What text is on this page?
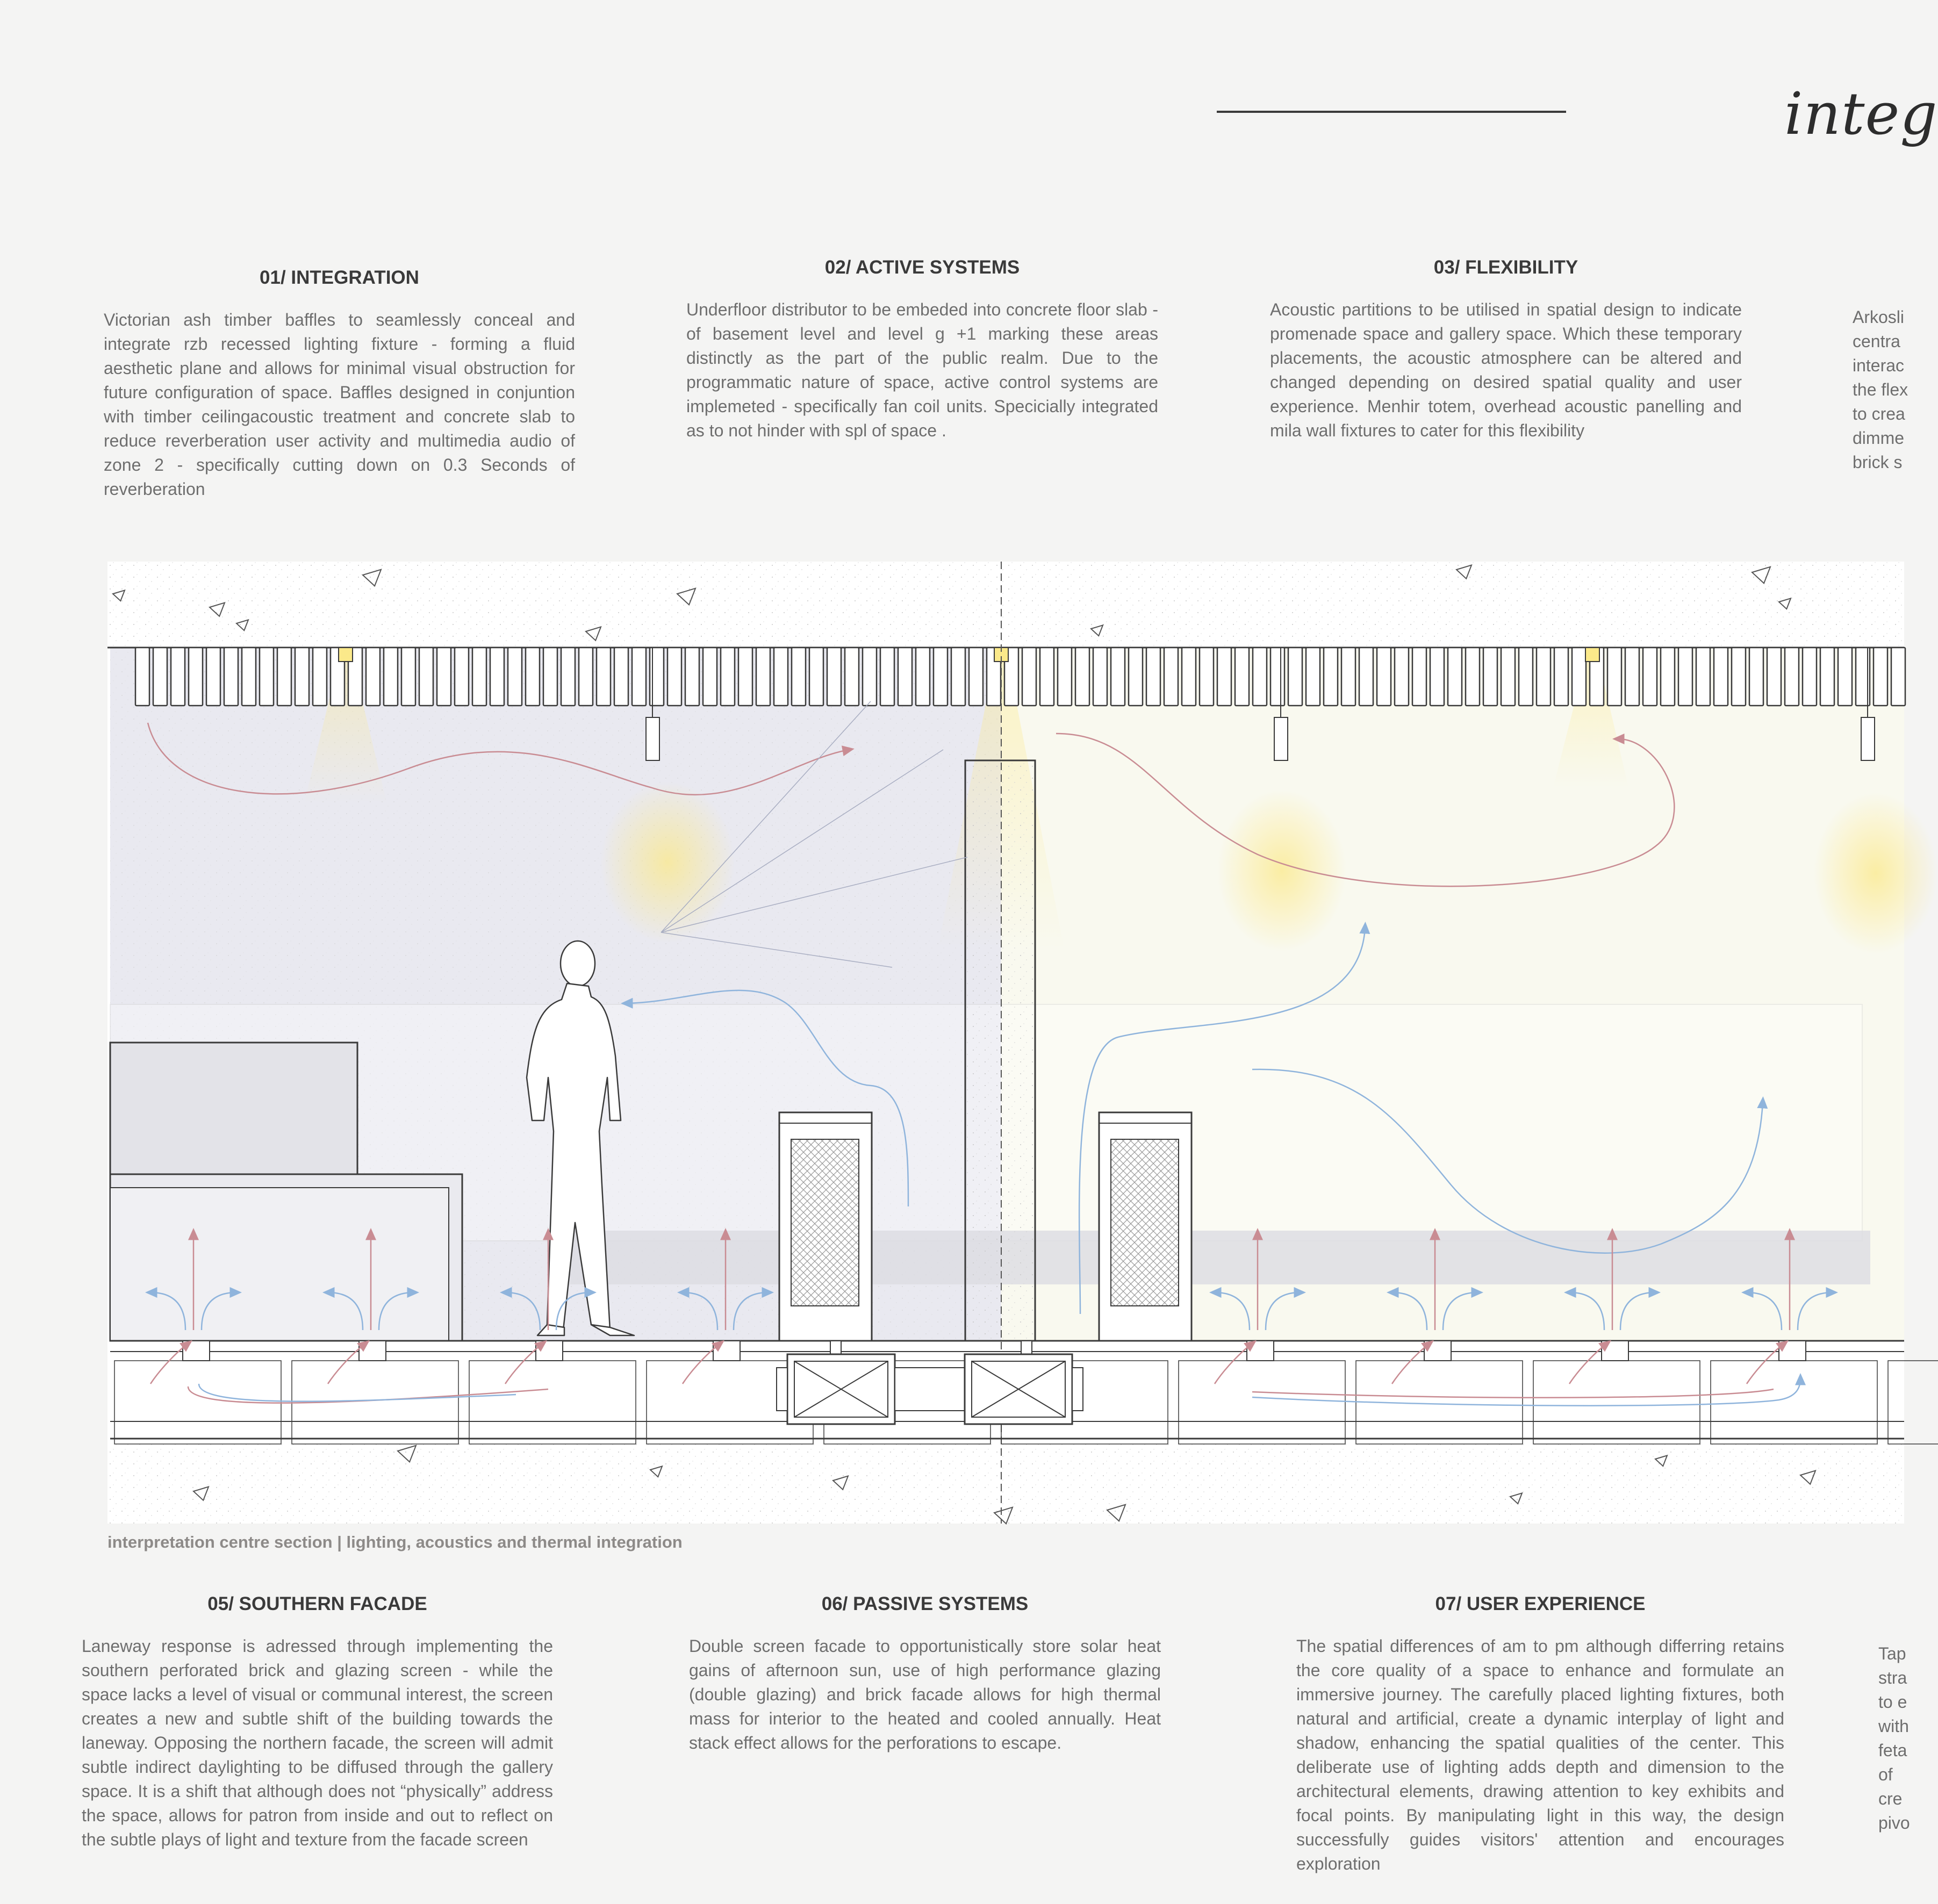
integ
01/ INTEGRATION

Victorian ash timber baffles to seamlessly conceal and integrate rzb recessed lighting fixture - forming a fluid aesthetic plane and allows for minimal visual obstruction for future configuration of space. Baffles designed in conjuntion with timber ceilingacoustic treatment and concrete slab to reduce reverberation user activity and multimedia audio of zone 2 - specifically cutting down on 0.3 Seconds of reverberation

02/ ACTIVE SYSTEMS

Underfloor distributor to be embeded into concrete floor slab - of basement level and level g +1 marking these areas distinctly as the part of the public realm. Due to the programmatic nature of space, active control systems are implemeted - specifically fan coil units. Specicially integrated as to not hinder with spl of space .

03/ FLEXIBILITY

Acoustic partitions to be utilised in spatial design to indicate promenade space and gallery space. Which these temporary placements, the acoustic atmosphere can be altered and changed depending on desired spatial quality and user experience. Menhir totem, overhead acoustic panelling and mila wall fixtures to cater for this flexibility

Arkosli
centra
interac
the flex
to crea
dimme
brick s
interpretation centre section | lighting, acoustics and thermal integration
05/ SOUTHERN FACADE

Laneway response is adressed through implementing the southern perforated brick and glazing screen - while the space lacks a level of visual or communal interest, the screen creates a new and subtle shift of the building towards the laneway. Opposing the northern facade, the screen will admit subtle indirect daylighting to be diffused through the gallery space. It is a shift that although does not “physically” address the space, allows for patron from inside and out to reflect on the subtle plays of light and texture from the facade screen

06/ PASSIVE SYSTEMS

Double screen facade to opportunistically store solar heat gains of afternoon sun, use of high performance glazing (double glazing) and brick facade allows for high thermal mass for interior to the heated and cooled annually. Heat stack effect allows for the perforations to escape.

07/ USER EXPERIENCE

The spatial differences of am to pm although differring retains the core quality of a space to enhance and formulate an immersive journey. The carefully placed lighting fixtures, both natural and artificial, create a dynamic interplay of light and shadow, enhancing the spatial qualities of the center. This deliberate use of lighting adds depth and dimension to the architectural elements, drawing attention to key exhibits and focal points. By manipulating light in this way, the design successfully guides visitors' attention and encourages exploration

Tap
stra
to e
with
feta
of
cre
pivo
